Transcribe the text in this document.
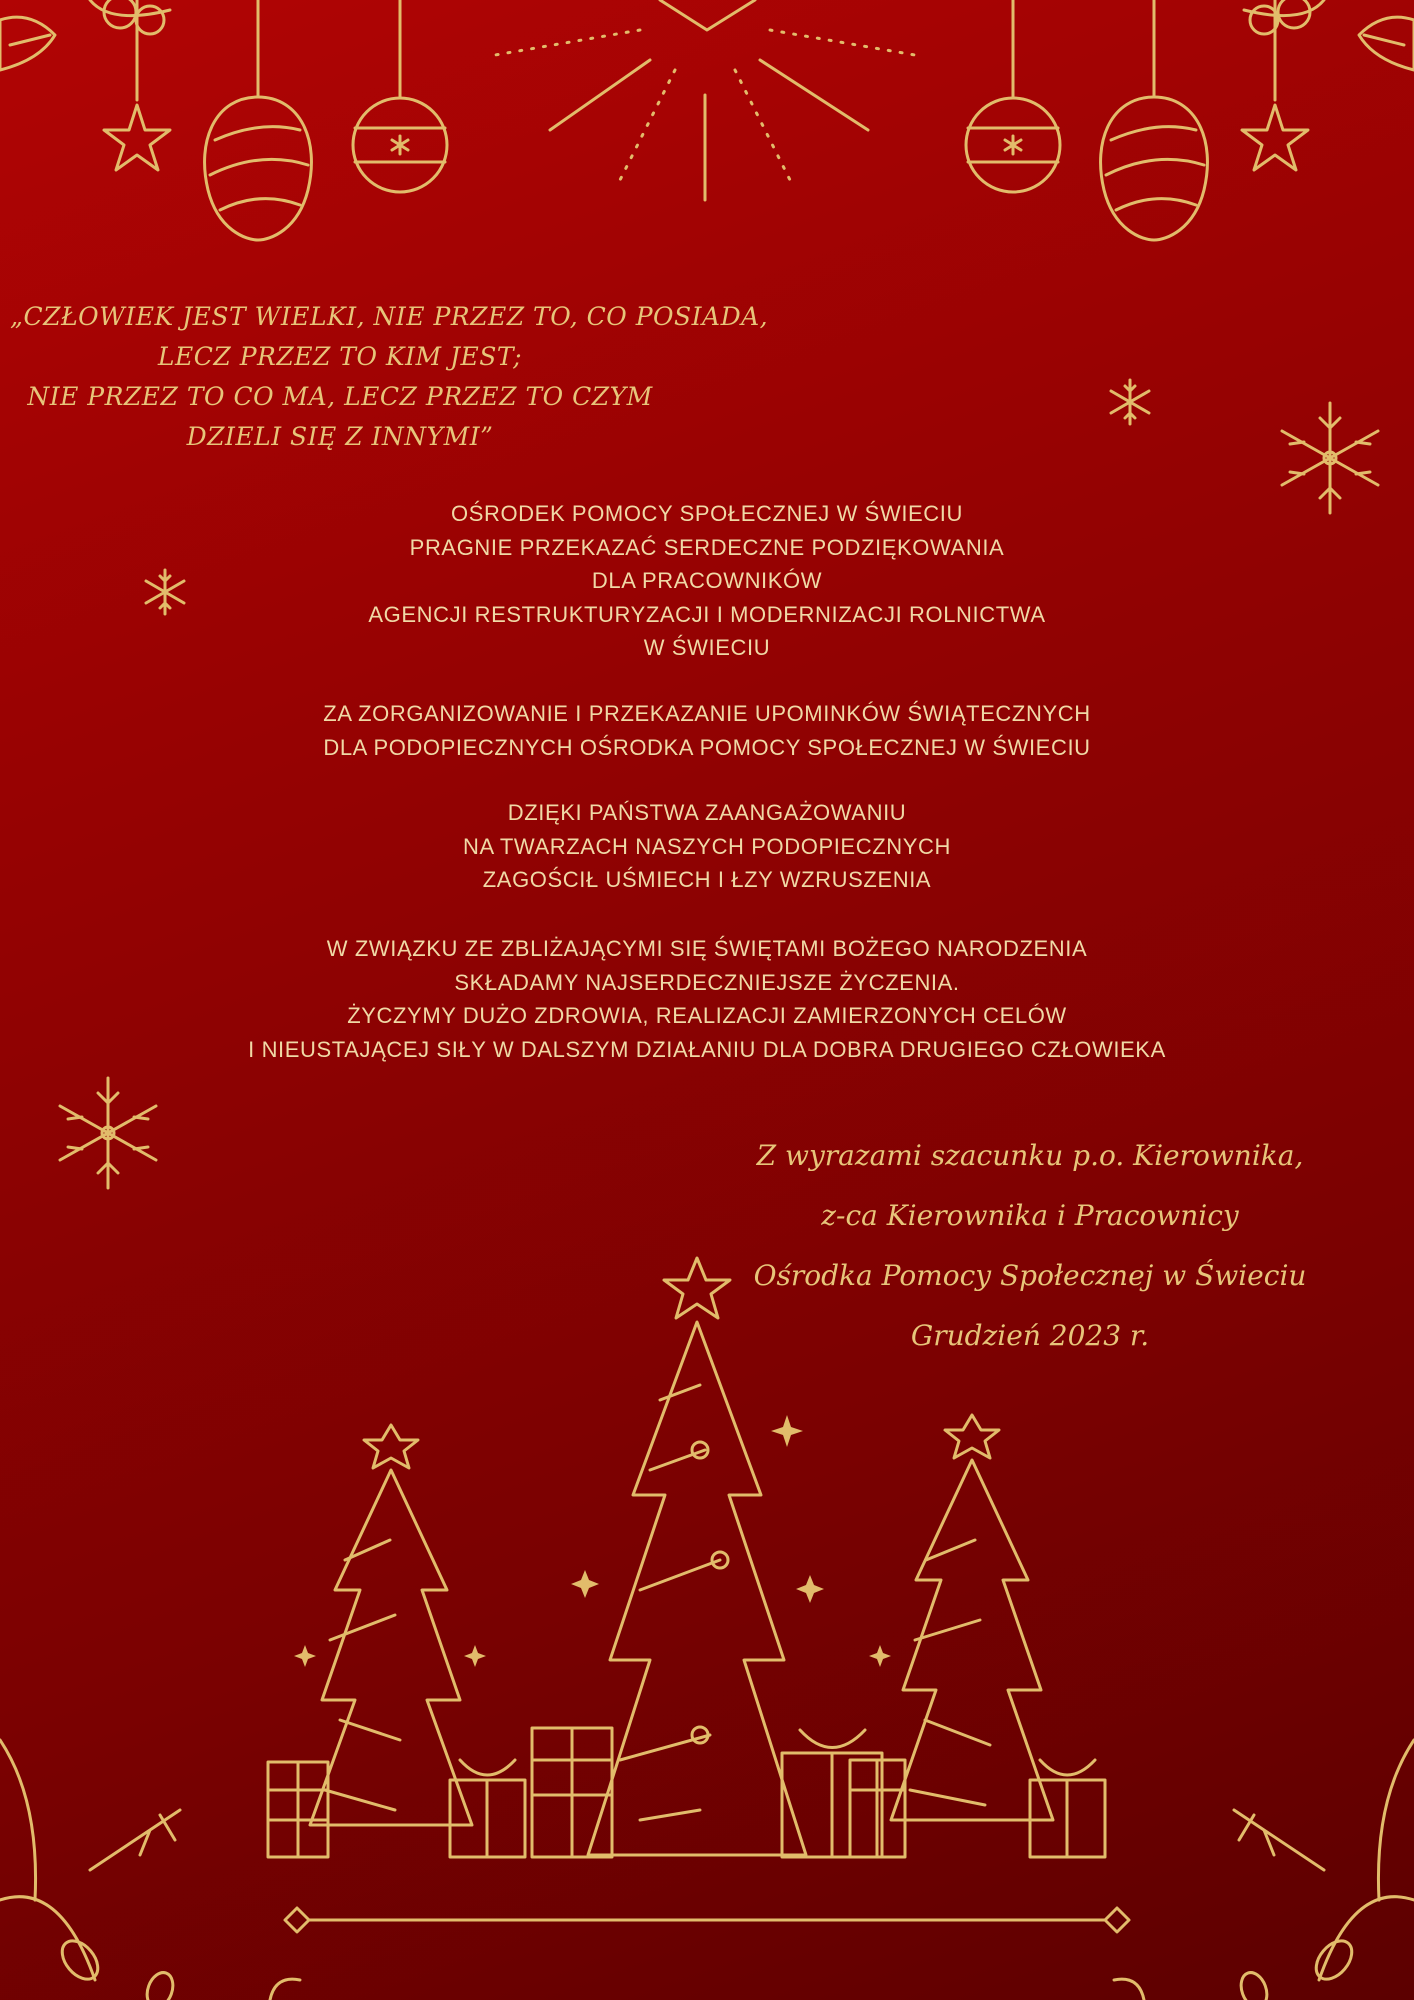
„CZŁOWIEK JEST WIELKI, NIE PRZEZ TO, CO POSIADA,
LECZ PRZEZ TO KIM JEST;
NIE PRZEZ TO CO MA, LECZ PRZEZ TO CZYM
DZIELI SIĘ Z INNYMI”
OŚRODEK POMOCY SPOŁECZNEJ W ŚWIECIU
PRAGNIE PRZEKAZAĆ SERDECZNE PODZIĘKOWANIA
DLA PRACOWNIKÓW
AGENCJI RESTRUKTURYZACJI I MODERNIZACJI ROLNICTWA
W ŚWIECIU
ZA ZORGANIZOWANIE I PRZEKAZANIE UPOMINKÓW ŚWIĄTECZNYCH
DLA PODOPIECZNYCH OŚRODKA POMOCY SPOŁECZNEJ W ŚWIECIU
DZIĘKI PAŃSTWA ZAANGAŻOWANIU
NA TWARZACH NASZYCH PODOPIECZNYCH
ZAGOŚCIŁ UŚMIECH I ŁZY WZRUSZENIA
W ZWIĄZKU ZE ZBLIŻAJĄCYMI SIĘ ŚWIĘTAMI BOŻEGO NARODZENIA
SKŁADAMY NAJSERDECZNIEJSZE ŻYCZENIA.
ŻYCZYMY DUŻO ZDROWIA, REALIZACJI ZAMIERZONYCH CELÓW
I NIEUSTAJĄCEJ SIŁY W DALSZYM DZIAŁANIU DLA DOBRA DRUGIEGO CZŁOWIEKA
Z wyrazami szacunku p.o. Kierownika,
z-ca Kierownika i Pracownicy
Ośrodka Pomocy Społecznej w Świeciu
Grudzień 2023 r.
